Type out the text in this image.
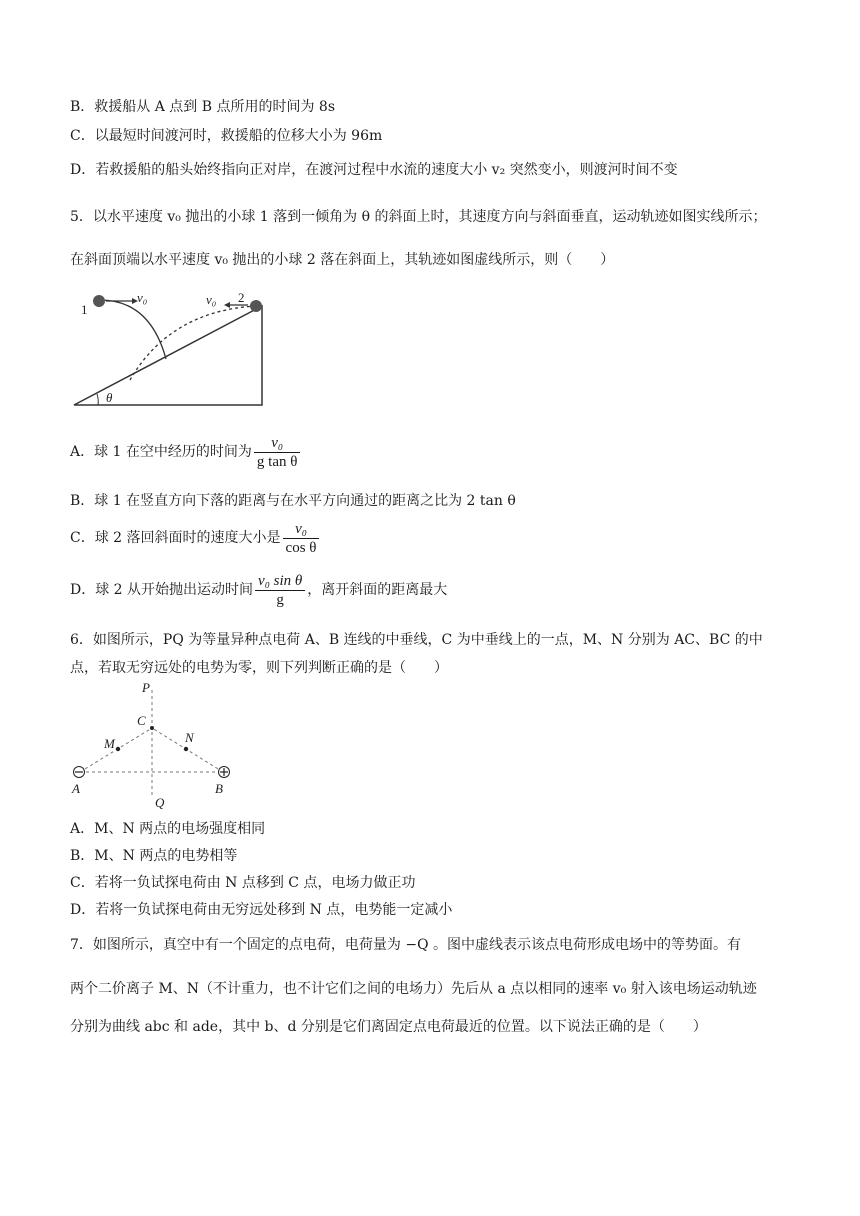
B．救援船从 A 点到 B 点所用的时间为 8s
C．以最短时间渡河时，救援船的位移大小为 96m
D．若救援船的船头始终指向正对岸，在渡河过程中水流的速度大小 v₂ 突然变小，则渡河时间不变
5．以水平速度 v₀ 抛出的小球 1 落到一倾角为 θ 的斜面上时，其速度方向与斜面垂直，运动轨迹如图实线所示；
在斜面顶端以水平速度 v₀ 抛出的小球 2 落在斜面上，其轨迹如图虚线所示，则（　　）
θ
1
v₀	v₀ 2
A．球 1 在空中经历的时间为 $\frac{\text{v₀}}{\text{g tan θ}}$
B．球 1 在竖直方向下落的距离与在水平方向通过的距离之比为 2 tan θ
C．球 2 落回斜面时的速度大小是 $\frac{\text{v₀}}{\text{cos θ}}$
D．球 2 从开始抛出运动时间 $\frac{\text{v₀ sin θ}}{g}$ ，离开斜面的距离最大
6．如图所示，PQ 为等量异种点电荷 A、B 连线的中垂线，C 为中垂线上的一点，M、N 分别为 AC、BC 的中
点，若取无穷远处的电势为零，则下列判断正确的是（　　）
P
C
M	N
A	B
Q
A．M、N 两点的电场强度相同
B．M、N 两点的电势相等
C．若将一负试探电荷由 N 点移到 C 点，电场力做正功
D．若将一负试探电荷由无穷远处移到 N 点，电势能一定减小
7．如图所示，真空中有一个固定的点电荷，电荷量为 −Q 。图中虚线表示该点电荷形成电场中的等势面。有
两个二价离子 M、N（不计重力，也不计它们之间的电场力）先后从 a 点以相同的速率 v₀ 射入该电场运动轨迹
分别为曲线 abc 和 ade，其中 b、d 分别是它们离固定点电荷最近的位置。以下说法正确的是（　　）
